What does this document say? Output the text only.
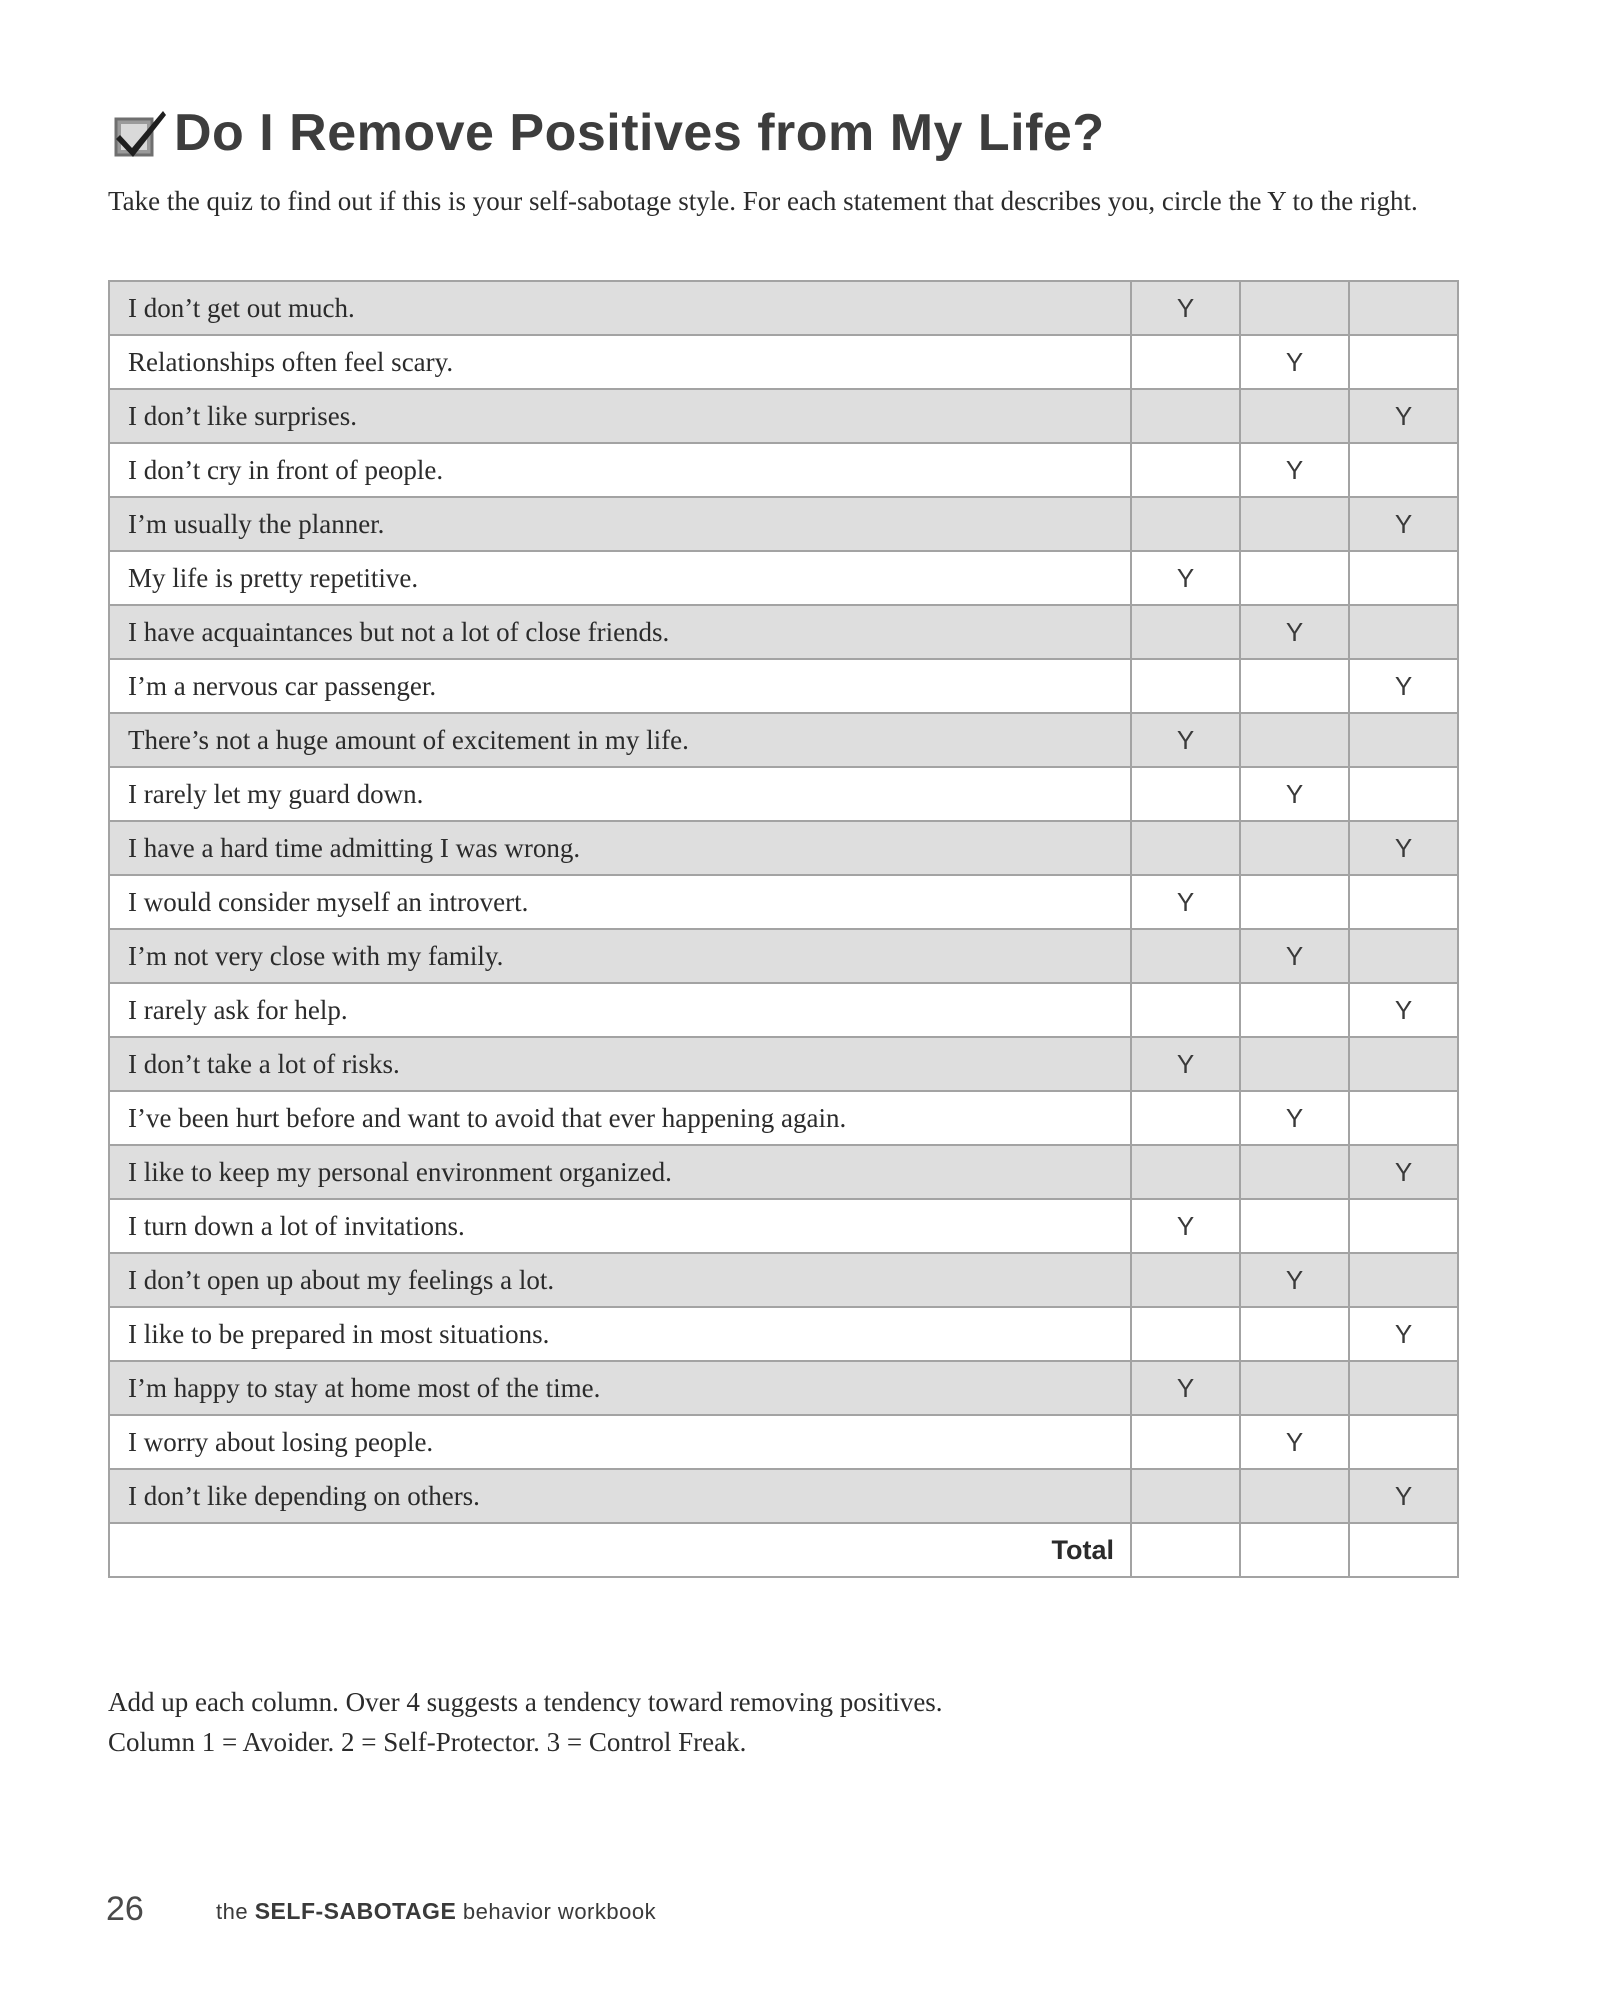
Do I Remove Positives from My Life?

Take the quiz to find out if this is your self-sabotage style. For each statement that describes you, circle the Y to the right.

I don’t get out much.	Y		
Relationships often feel scary.		Y	
I don’t like surprises.			Y
I don’t cry in front of people.		Y	
I’m usually the planner.			Y
My life is pretty repetitive.	Y		
I have acquaintances but not a lot of close friends.		Y	
I’m a nervous car passenger.			Y
There’s not a huge amount of excitement in my life.	Y		
I rarely let my guard down.		Y	
I have a hard time admitting I was wrong.			Y
I would consider myself an introvert.	Y		
I’m not very close with my family.		Y	
I rarely ask for help.			Y
I don’t take a lot of risks.	Y		
I’ve been hurt before and want to avoid that ever happening again.		Y	
I like to keep my personal environment organized.			Y
I turn down a lot of invitations.	Y		
I don’t open up about my feelings a lot.		Y	
I like to be prepared in most situations.			Y
I’m happy to stay at home most of the time.	Y		
I worry about losing people.		Y	
I don’t like depending on others.			Y
Total			
Add up each column. Over 4 suggests a tendency toward removing positives.
Column 1 = Avoider. 2 = Self-Protector. 3 = Control Freak.
26	the SELF-SABOTAGE behavior workbook
